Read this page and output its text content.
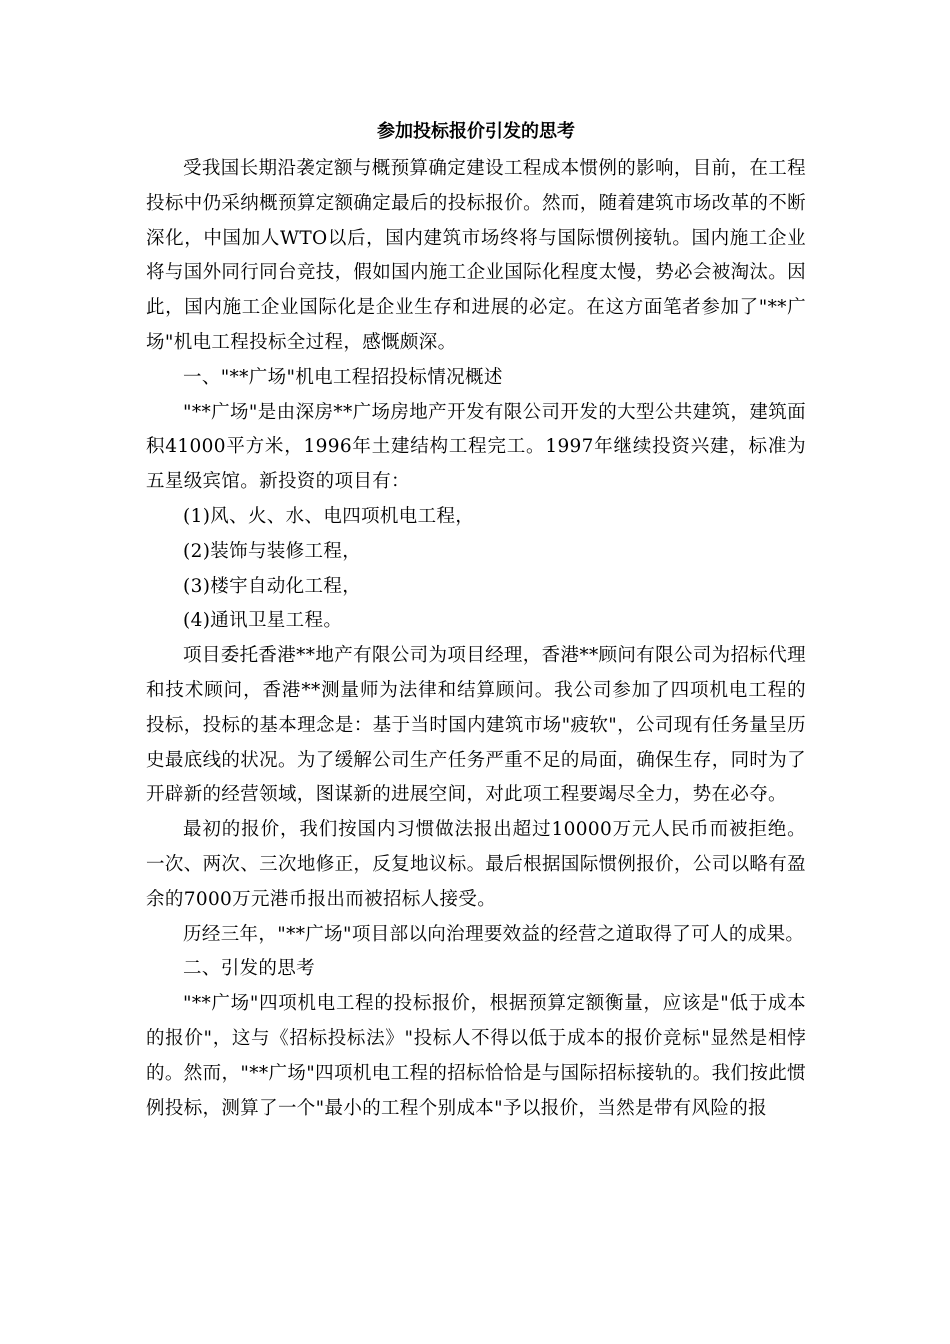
参加投标报价引发的思考

受我国长期沿袭定额与概预算确定建设工程成本惯例的影响，目前，在工程投标中仍采纳概预算定额确定最后的投标报价。然而，随着建筑市场改革的不断深化，中国加人WTO以后，国内建筑市场终将与国际惯例接轨。国内施工企业将与国外同行同台竞技，假如国内施工企业国际化程度太慢，势必会被淘汰。因此，国内施工企业国际化是企业生存和进展的必定。在这方面笔者参加了"**广场"机电工程投标全过程，感慨颇深。

一、"**广场"机电工程招投标情况概述

"**广场"是由深房**广场房地产开发有限公司开发的大型公共建筑，建筑面积41000平方米，1996年土建结构工程完工。1997年继续投资兴建，标准为五星级宾馆。新投资的项目有：

(1)风、火、水、电四项机电工程，

(2)装饰与装修工程，

(3)楼宇自动化工程，

(4)通讯卫星工程。

项目委托香港**地产有限公司为项目经理，香港**顾问有限公司为招标代理和技术顾问，香港**测量师为法律和结算顾问。我公司参加了四项机电工程的投标，投标的基本理念是：基于当时国内建筑市场"疲软"，公司现有任务量呈历史最底线的状况。为了缓解公司生产任务严重不足的局面，确保生存，同时为了开辟新的经营领域，图谋新的进展空间，对此项工程要竭尽全力，势在必夺。

最初的报价，我们按国内习惯做法报出超过10000万元人民币而被拒绝。一次、两次、三次地修正，反复地议标。最后根据国际惯例报价，公司以略有盈余的7000万元港币报出而被招标人接受。

历经三年，"**广场"项目部以向治理要效益的经营之道取得了可人的成果。

二、引发的思考

"**广场"四项机电工程的投标报价，根据预算定额衡量，应该是"低于成本的报价"，这与《招标投标法》"投标人不得以低于成本的报价竞标"显然是相悖的。然而，"**广场"四项机电工程的招标恰恰是与国际招标接轨的。我们按此惯例投标，测算了一个"最小的工程个别成本"予以报价，当然是带有风险的报
